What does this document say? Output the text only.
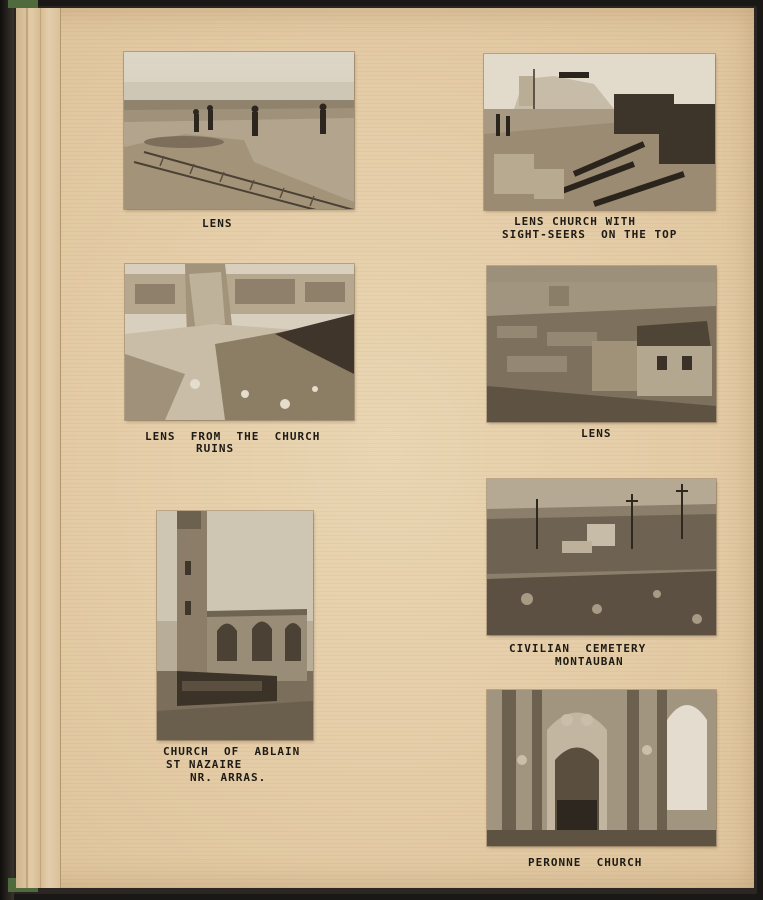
LENS	LENS CHURCH WITH

SIGHT-SEERS  ON THE TOP

LENS  FROM  THE  CHURCH

RUINS

LENS

CHURCH  OF  ABLAIN

ST NAZAIRE

NR. ARRAS.

CIVILIAN  CEMETERY

MONTAUBAN

PERONNE  CHURCH
